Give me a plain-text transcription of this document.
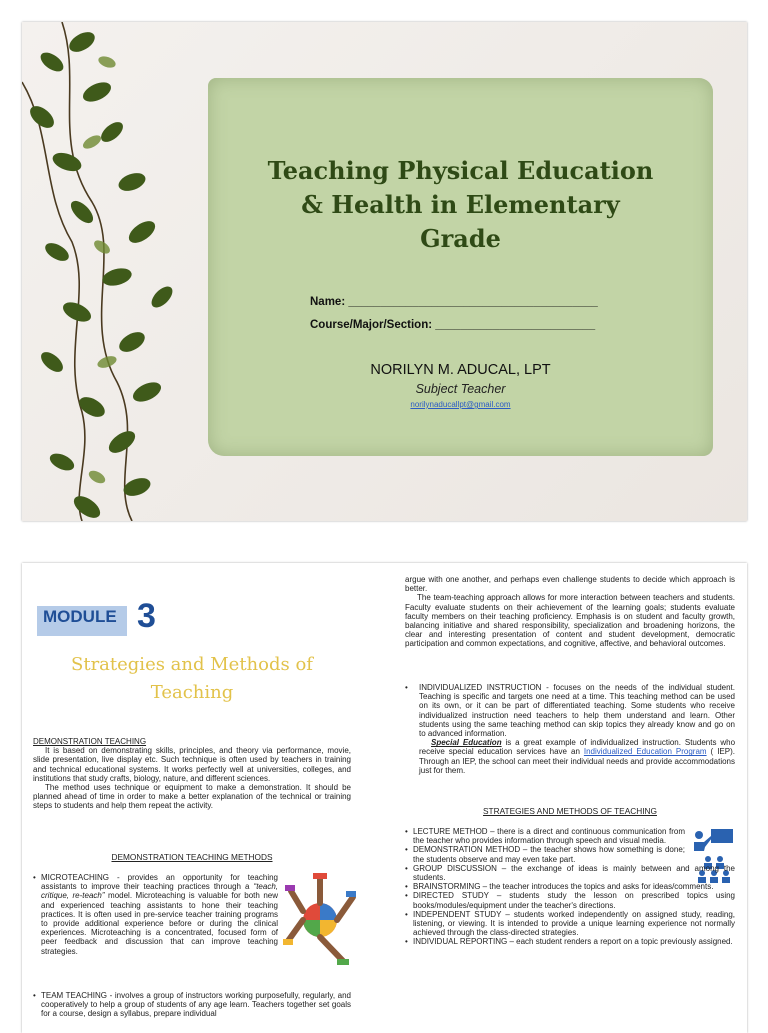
Teaching Physical Education
& Health in Elementary
Grade
Name: _______________________________________
Course/Major/Section: _________________________
NORILYN M. ADUCAL, LPT
Subject Teacher
norilynaducallpt@gmail.com
MODULE 3
Strategies and Methods of
Teaching

DEMONSTRATION TEACHING

It is based on demonstrating skills, principles, and theory via performance, movie, slide presentation, live display etc. Such technique is often used by teachers in training and technical educational systems. It works perfectly well at universities, colleges, and institutions that study crafts, biology, nature, and different sciences.

The method uses technique or equipment to make a demonstration. It should be planned ahead of time in order to make a better explanation of the technical or training steps to students and help them repeat the activity.

DEMONSTRATION TEACHING METHODS

• MICROTEACHING - provides an opportunity for teaching assistants to improve their teaching practices through a “teach, critique, re-teach” model. Microteaching is valuable for both new and experienced teaching assistants to hone their teaching practices. It is often used in pre-service teacher training programs to provide additional experience before or during the clinical experiences. Microteaching is a concentrated, focused form of peer feedback and discussion that can improve teaching strategies.

• TEAM TEACHING - involves a group of instructors working purposefully, regularly, and cooperatively to help a group of students of any age learn. Teachers together set goals for a course, design a syllabus, prepare individual

argue with one another, and perhaps even challenge students to decide which approach is better.

The team-teaching approach allows for more interaction between teachers and students. Faculty evaluate students on their achievement of the learning goals; students evaluate faculty members on their teaching proficiency. Emphasis is on student and faculty growth, balancing initiative and shared responsibility, specialization and broadening horizons, the clear and interesting presentation of content and student development, democratic participation and common expectations, and cognitive, affective, and behavioral outcomes.

• INDIVIDUALIZED INSTRUCTION - focuses on the needs of the individual student. Teaching is specific and targets one need at a time. This teaching method can be used on its own, or it can be part of differentiated teaching. Some students who receive individualized instruction need teachers to help them understand and learn. Other students using the same teaching method can skip topics they already know and go on to advanced information.

Special Education is a great example of individualized instruction. Students who receive special education services have an Individualized Education Program ( IEP). Through an IEP, the school can meet their individual needs and provide accommodations just for them.

STRATEGIES AND METHODS OF TEACHING

• LECTURE METHOD – there is a direct and continuous communication from the teacher who provides information through speech and visual media.

• DEMONSTRATION METHOD – the teacher shows how something is done; the students observe and may even take part.

• GROUP DISCUSSION – the exchange of ideas is mainly between and among the students.

• BRAINSTORMING – the teacher introduces the topics and asks for ideas/comments.

• DIRECTED STUDY – students study the lesson on prescribed topics using books/modules/equipment under the teacher's directions.

• INDEPENDENT STUDY – students worked independently on assigned study, reading, listening, or viewing. It is intended to provide a unique learning experience not normally achieved through the class-directed strategies.

• INDIVIDUAL REPORTING – each student renders a report on a topic previously assigned.
